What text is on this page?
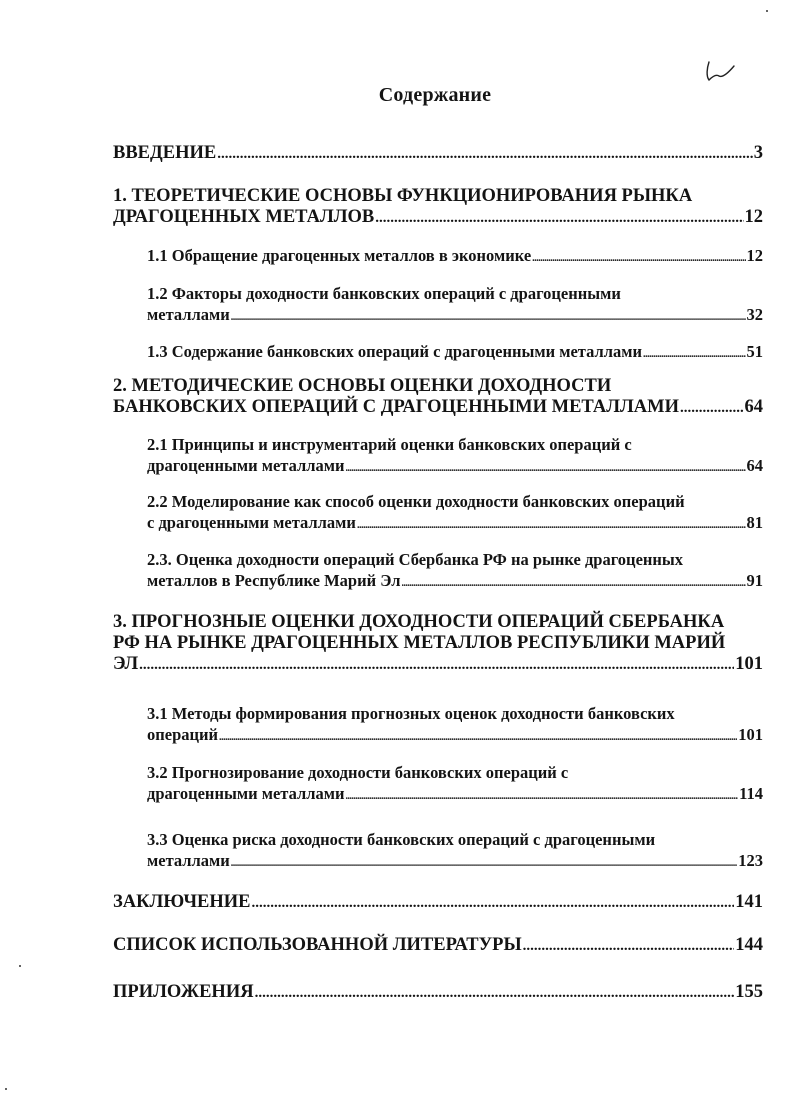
Содержание
ВВЕДЕНИЕ .....	3
1. ТЕОРЕТИЧЕСКИЕ ОСНОВЫ ФУНКЦИОНИРОВАНИЯ РЫНКА
ДРАГОЦЕННЫХ МЕТАЛЛОВ .....	12
1.1 Обращение драгоценных металлов в экономике .....	12
1.2 Факторы доходности банковских операций с драгоценными
металлами .....	32
1.3 Содержание банковских операций с драгоценными металлами .....	51
2. МЕТОДИЧЕСКИЕ ОСНОВЫ ОЦЕНКИ ДОХОДНОСТИ
БАНКОВСКИХ ОПЕРАЦИЙ С ДРАГОЦЕННЫМИ МЕТАЛЛАМИ .....	64
2.1 Принципы и инструментарий оценки банковских операций с
драгоценными металлами .....	64
2.2 Моделирование как способ оценки доходности банковских операций
с драгоценными металлами .....	81
2.3. Оценка доходности операций Сбербанка РФ на рынке драгоценных
металлов в Республике Марий Эл .....	91
3. ПРОГНОЗНЫЕ ОЦЕНКИ ДОХОДНОСТИ ОПЕРАЦИЙ СБЕРБАНКА
РФ НА РЫНКЕ ДРАГОЦЕННЫХ МЕТАЛЛОВ РЕСПУБЛИКИ МАРИЙ
ЭЛ .....	101
3.1 Методы формирования прогнозных оценок доходности банковских
операций .....	101
3.2 Прогнозирование доходности банковских операций с
драгоценными металлами .....	114
3.3 Оценка риска доходности банковских операций с драгоценными
металлами .....	123
ЗАКЛЮЧЕНИЕ .....	141
СПИСОК ИСПОЛЬЗОВАННОЙ ЛИТЕРАТУРЫ .....	144
ПРИЛОЖЕНИЯ .....	155
